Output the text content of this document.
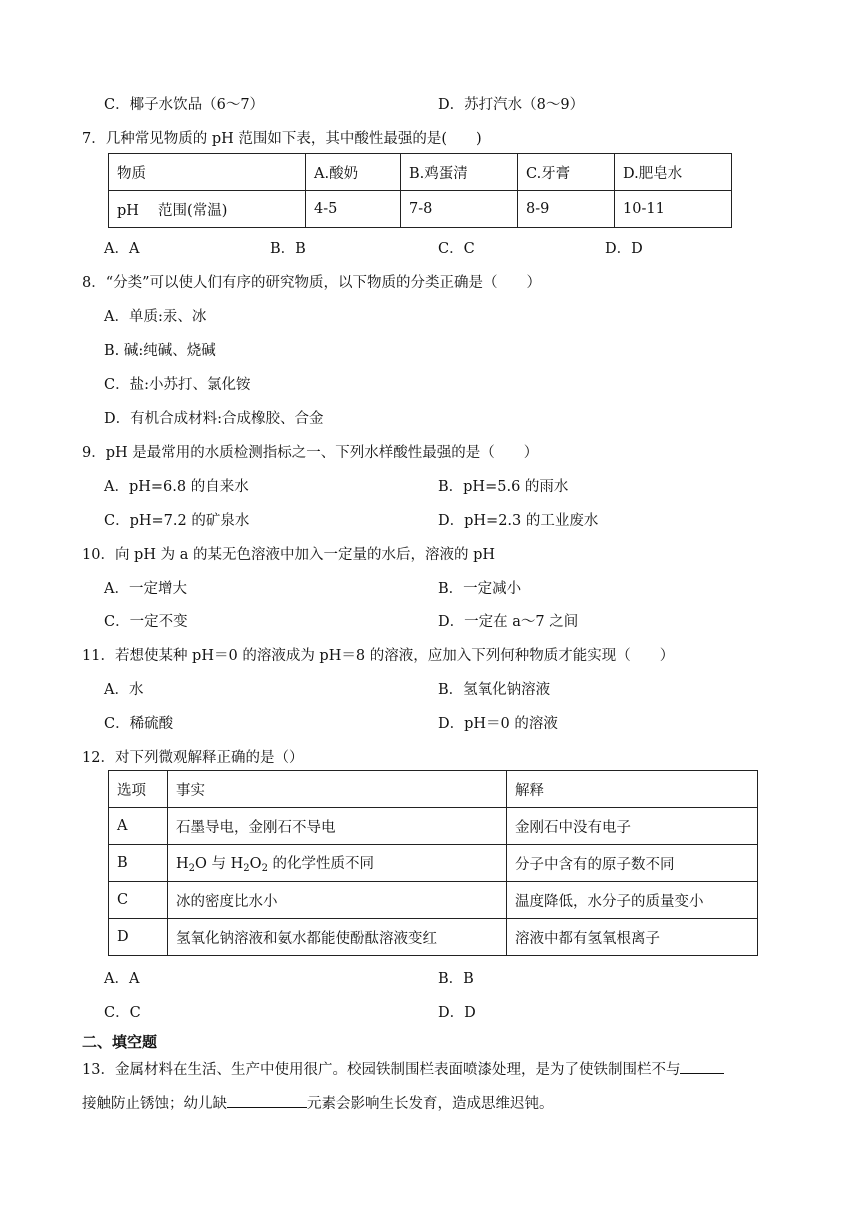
C．椰子水饮品（6～7）	D．苏打汽水（8～9）
7．几种常见物质的 pH 范围如下表，其中酸性最强的是(　　)
物质	A.酸奶	B.鸡蛋清	C.牙膏	D.肥皂水
pH　 范围(常温)	4-5	7-8	8-9	10-11
A．A	B．B	C．C	D．D
8．“分类”可以使人们有序的研究物质，以下物质的分类正确是（　　）
A．单质:汞、冰
B. 碱:纯碱、烧碱
C．盐:小苏打、氯化铵
D．有机合成材料:合成橡胶、合金
9．pH 是最常用的水质检测指标之一、下列水样酸性最强的是（　　）
A．pH=6.8 的自来水	B．pH=5.6 的雨水
C．pH=7.2 的矿泉水	D．pH=2.3 的工业废水
10．向 pH 为 a 的某无色溶液中加入一定量的水后，溶液的 pH
A．一定增大	B．一定减小
C．一定不变	D．一定在 a～7 之间
11．若想使某种 pH＝0 的溶液成为 pH＝8 的溶液，应加入下列何种物质才能实现（　　）
A．水	B．氢氧化钠溶液
C．稀硫酸	D．pH＝0 的溶液
12．对下列微观解释正确的是（）
选项	事实	解释
A	石墨导电，金刚石不导电	金刚石中没有电子
B	$H_2O$ 与 $H_2O_2$ 的化学性质不同	分子中含有的原子数不同
C	冰的密度比水小	温度降低，水分子的质量变小
D	氢氧化钠溶液和氨水都能使酚酞溶液变红	溶液中都有氢氧根离子
A．A	B．B
C．C	D．D
二、填空题
13．金属材料在生活、生产中使用很广。校园铁制围栏表面喷漆处理，是为了使铁制围栏不与
接触防止锈蚀；幼儿缺	元素会影响生长发育，造成思维迟钝。
